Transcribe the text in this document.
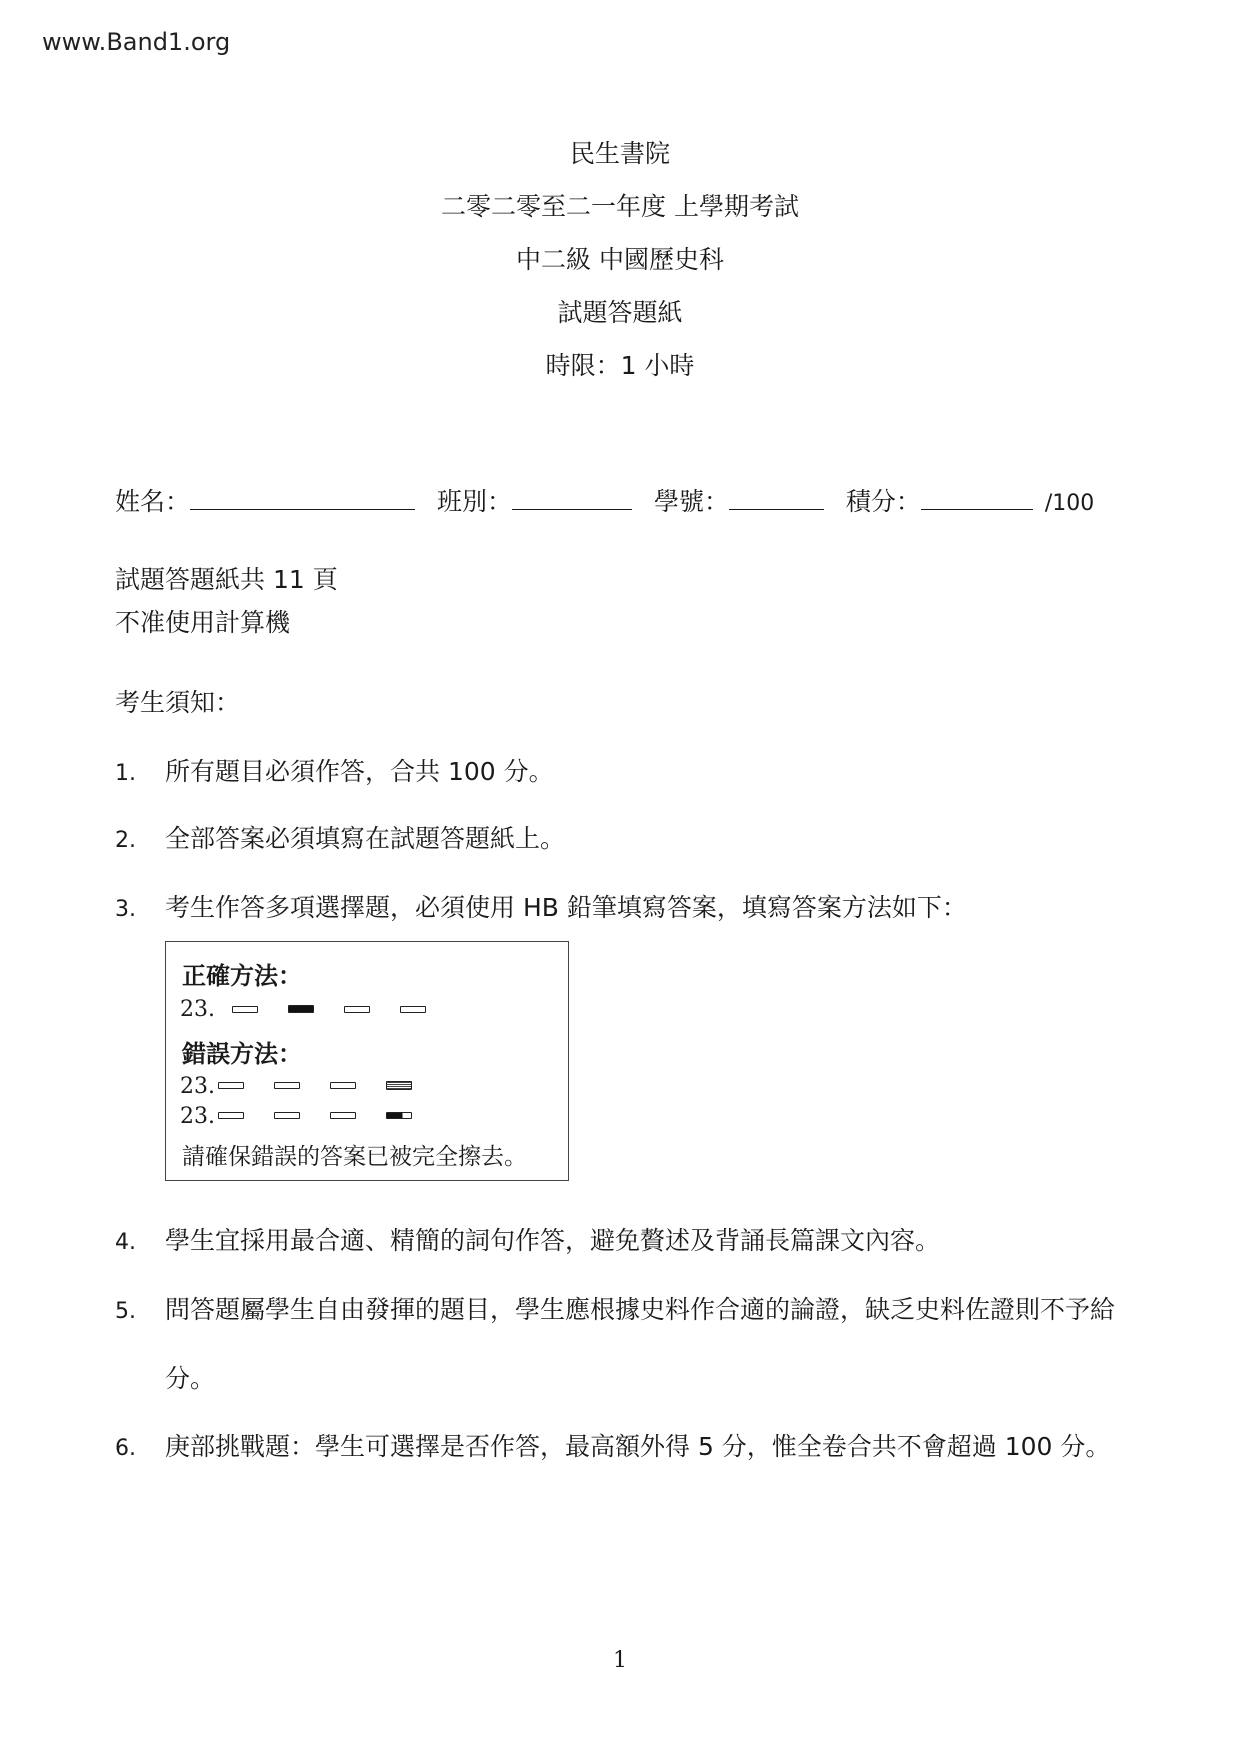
www.Band1.org
民生書院
二零二零至二一年度 上學期考試
中二級 中國歷史科
試題答題紙
時限：1 小時
姓名：	班別：	學號：	積分：	/100
試題答題紙共 11 頁
不准使用計算機
考生須知：
1. 所有題目必須作答，合共 100 分。
2. 全部答案必須填寫在試題答題紙上。
3. 考生作答多項選擇題，必須使用 HB 鉛筆填寫答案，填寫答案方法如下：
正確方法：
23.
錯誤方法：
23.
23.
請確保錯誤的答案已被完全擦去。
4. 學生宜採用最合適、精簡的詞句作答，避免贅述及背誦長篇課文內容。
5. 問答題屬學生自由發揮的題目，學生應根據史料作合適的論證，缺乏史料佐證則不予給
分。
6. 庚部挑戰題：學生可選擇是否作答，最高額外得 5 分，惟全卷合共不會超過 100 分。
1
